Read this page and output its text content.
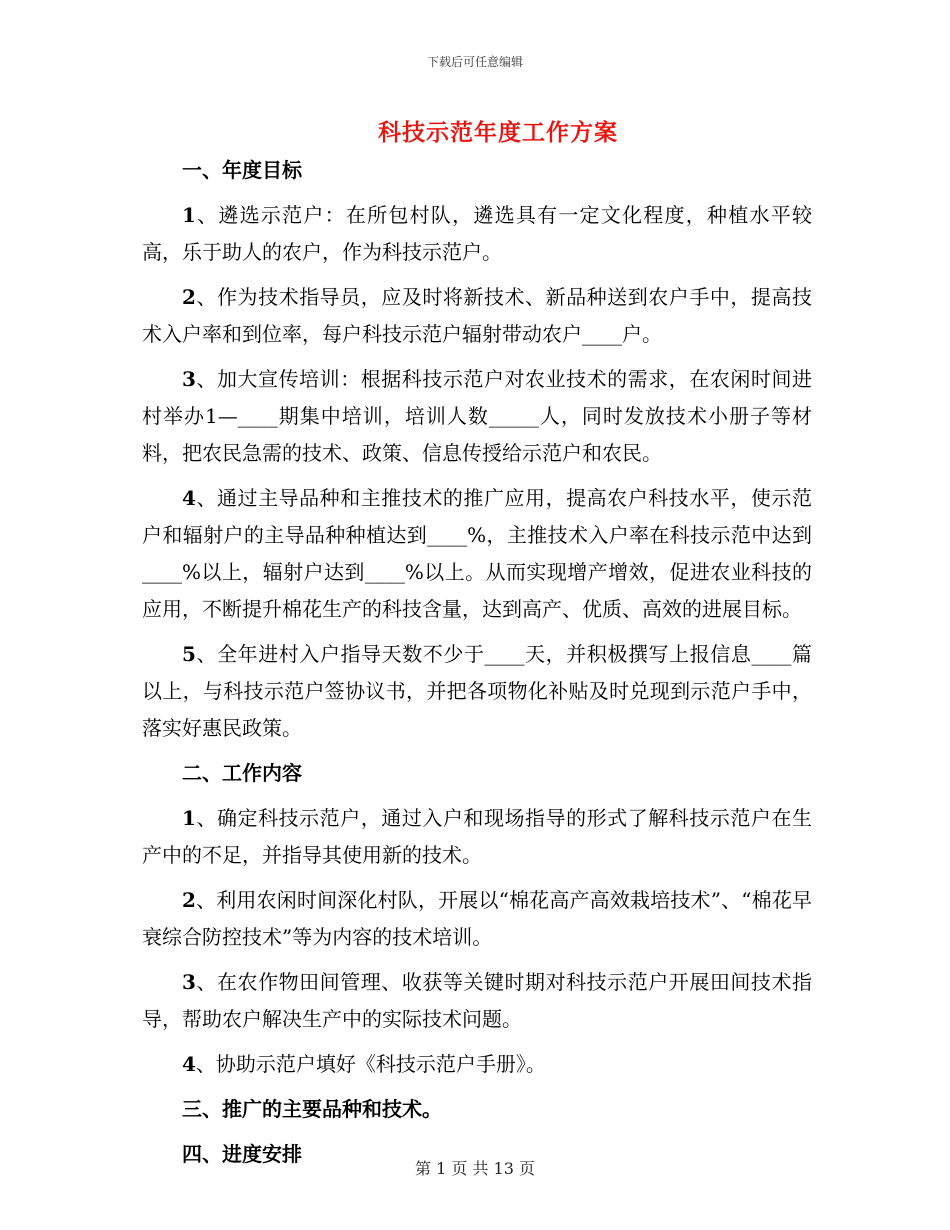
下载后可任意编辑
科技示范年度工作方案
一、年度目标

1、遴选示范户：在所包村队，遴选具有一定文化程度，种植水平较高，乐于助人的农户，作为科技示范户。

2、作为技术指导员，应及时将新技术、新品种送到农户手中，提高技术入户率和到位率，每户科技示范户辐射带动农户____户。

3、加大宣传培训：根据科技示范户对农业技术的需求，在农闲时间进村举办1—____期集中培训，培训人数_____人，同时发放技术小册子等材料，把农民急需的技术、政策、信息传授给示范户和农民。

4、通过主导品种和主推技术的推广应用，提高农户科技水平，使示范户和辐射户的主导品种种植达到____%，主推技术入户率在科技示范中达到____%以上，辐射户达到____%以上。从而实现增产增效，促进农业科技的应用，不断提升棉花生产的科技含量，达到高产、优质、高效的进展目标。

5、全年进村入户指导天数不少于____天，并积极撰写上报信息____篇以上，与科技示范户签协议书，并把各项物化补贴及时兑现到示范户手中，落实好惠民政策。

二、工作内容

1、确定科技示范户，通过入户和现场指导的形式了解科技示范户在生产中的不足，并指导其使用新的技术。

2、利用农闲时间深化村队，开展以“棉花高产高效栽培技术”、“棉花早衰综合防控技术”等为内容的技术培训。

3、在农作物田间管理、收获等关键时期对科技示范户开展田间技术指导，帮助农户解决生产中的实际技术问题。

4、协助示范户填好《科技示范户手册》。

三、推广的主要品种和技术。
四、进度安排
第 1 页 共 13 页
